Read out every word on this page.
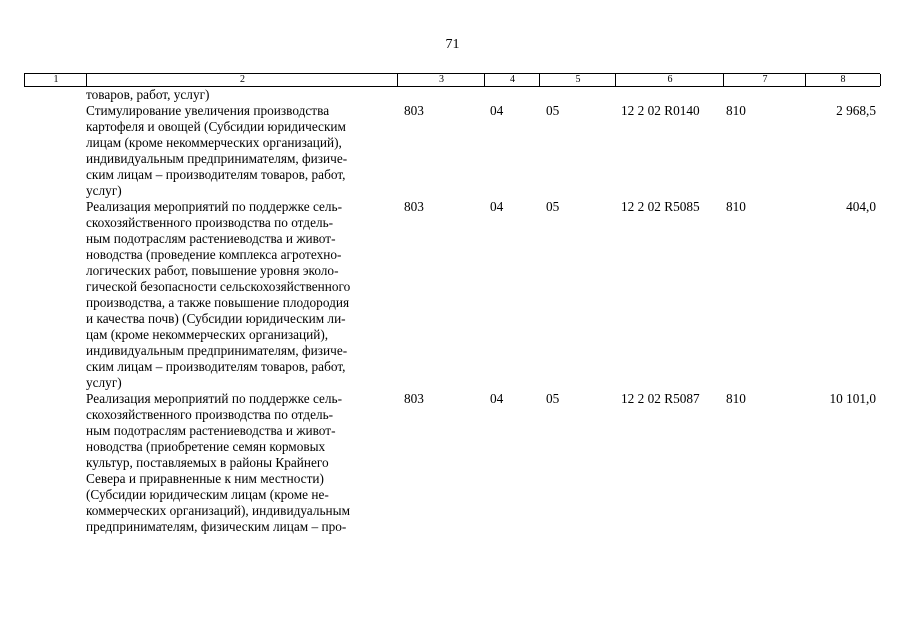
71
1	2	3	4	5	6	7	8
товаров, работ, услуг)
Стимулирование увеличения производства
картофеля и овощей (Субсидии юридическим
лицам (кроме некоммерческих организаций),
индивидуальным предпринимателям, физиче-
ским лицам – производителям товаров, работ,
услуг)
803	04	05	12 2 02 R0140 810	2 968,5
Реализация мероприятий по поддержке сель-
скохозяйственного производства по отдель-
ным подотраслям растениеводства и живот-
новодства (проведение комплекса агротехно-
логических работ, повышение уровня эколо-
гической безопасности сельскохозяйственного
производства, а также повышение плодородия
и качества почв) (Субсидии юридическим ли-
цам (кроме некоммерческих организаций),
индивидуальным предпринимателям, физиче-
ским лицам – производителям товаров, работ,
услуг)
803	04	05	12 2 02 R5085 810	404,0
Реализация мероприятий по поддержке сель-
скохозяйственного производства по отдель-
ным подотраслям растениеводства и живот-
новодства (приобретение семян кормовых
культур, поставляемых в районы Крайнего
Севера и приравненные к ним местности)
(Субсидии юридическим лицам (кроме не-
коммерческих организаций), индивидуальным
предпринимателям, физическим лицам – про-
803	04	05	12 2 02 R5087 810	10 101,0
